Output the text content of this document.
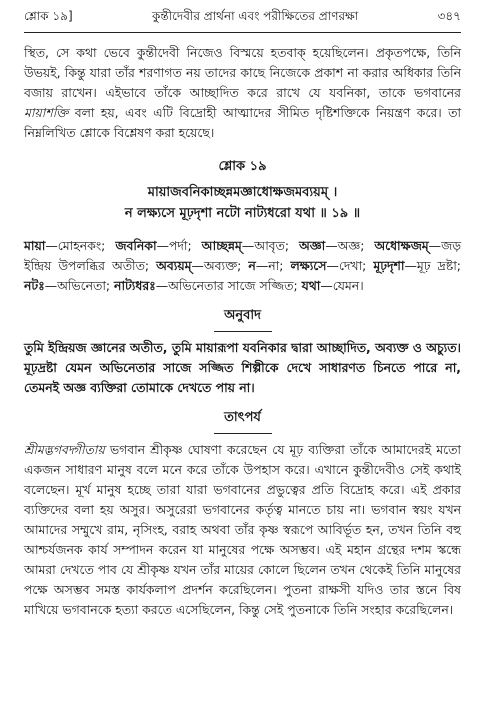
শ্লোক ১৯]	কুন্তীদেবীর প্রার্থনা এবং পরীক্ষিতের প্রাণরক্ষা	৩৪৭

স্থিত, সে কথা ভেবে কুন্তীদেবী নিজেও বিস্ময়ে হতবাক্ হয়েছিলেন। প্রকৃতপক্ষে, তিনি উভয়ই, কিন্তু যারা তাঁর শরণাগত নয় তাদের কাছে নিজেকে প্রকাশ না করার অধিকার তিনি বজায় রাখেন। এইভাবে তাঁকে আচ্ছাদিত করে রাখে যে যবনিকা, তাকে ভগবানের মায়াশক্তি বলা হয়, এবং এটি বিদ্রোহী আত্মাদের সীমিত দৃষ্টিশক্তিকে নিয়ন্ত্রণ করে। তা নিম্নলিখিত শ্লোকে বিশ্লেষণ করা হয়েছে।

শ্লোক ১৯
মায়াজবনিকাচ্ছন্নমজ্ঞাধোক্ষজমব্যয়ম্ ।
ন লক্ষ্যসে মূঢ়দৃশা নটো নাট্যধরো যথা ॥ ১৯ ॥

মায়া—মোহনকং; জবনিকা—পর্দা; আচ্ছন্নম্—আবৃত; অজ্ঞা—অজ্ঞ; অধোক্ষজম্—জড় ইন্দ্রিয় উপলব্ধির অতীত; অব্যয়ম্—অব্যক্ত; ন—না; লক্ষ্যসে—দেখা; মূঢ়দৃশা—মূঢ় দ্রষ্টা; নটঃ—অভিনেতা; নাট্যধরঃ—অভিনেতার সাজে সজ্জিত; যথা—যেমন।

অনুবাদ

তুমি ইন্দ্রিয়জ জ্ঞানের অতীত, তুমি মায়ারূপা যবনিকার দ্বারা আচ্ছাদিত, অব্যক্ত ও অচ্যুত। মূঢ়দ্রষ্টা যেমন অভিনেতার সাজে সজ্জিত শিল্পীকে দেখে সাধারণত চিনতে পারে না, তেমনই অজ্ঞ ব্যক্তিরা তোমাকে দেখতে পায় না।

তাৎপর্য

শ্রীমদ্ভগবদ্গীতায় ভগবান শ্রীকৃষ্ণ ঘোষণা করেছেন যে মূঢ় ব্যক্তিরা তাঁকে আমাদেরই মতো একজন সাধারণ মানুষ বলে মনে করে তাঁকে উপহাস করে। এখানে কুন্তীদেবীও সেই কথাই বলেছেন। মূর্খ মানুষ হচ্ছে তারা যারা ভগবানের প্রভুত্বের প্রতি বিদ্রোহ করে। এই প্রকার ব্যক্তিদের বলা হয় অসুর। অসুরেরা ভগবানের কর্তৃত্ব মানতে চায় না। ভগবান স্বয়ং যখন আমাদের সম্মুখে রাম, নৃসিংহ, বরাহ অথবা তাঁর কৃষ্ণ স্বরূপে আবির্ভূত হন, তখন তিনি বহু আশ্চর্যজনক কার্য সম্পাদন করেন যা মানুষের পক্ষে অসম্ভব। এই মহান গ্রন্থের দশম স্কন্ধে আমরা দেখতে পাব যে শ্রীকৃষ্ণ যখন তাঁর মায়ের কোলে ছিলেন তখন থেকেই তিনি মানুষের পক্ষে অসম্ভব সমস্ত কার্যকলাপ প্রদর্শন করেছিলেন। পুতনা রাক্ষসী যদিও তার স্তনে বিষ মাখিয়ে ভগবানকে হত্যা করতে এসেছিলেন, কিন্তু সেই পুতনাকে তিনি সংহার করেছিলেন।
